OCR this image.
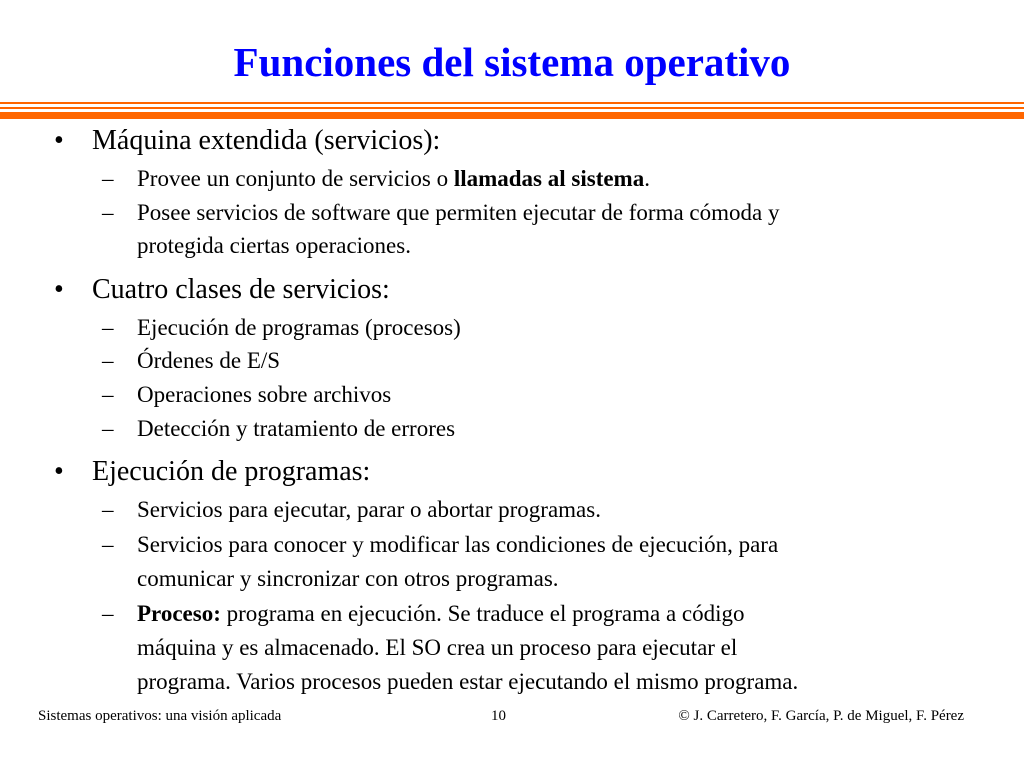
Funciones del sistema operativo
• Máquina extendida (servicios):
– Provee un conjunto de servicios o llamadas al sistema.
– Posee servicios de software que permiten ejecutar de forma cómoda y
protegida ciertas operaciones.
• Cuatro clases de servicios:
– Ejecución de programas (procesos)
– Órdenes de E/S
– Operaciones sobre archivos
– Detección y tratamiento de errores
• Ejecución de programas:
– Servicios para ejecutar, parar o abortar programas.
– Servicios para conocer y modificar las condiciones de ejecución, para
comunicar y sincronizar con otros programas.
– Proceso: programa en ejecución. Se traduce el programa a código
máquina y es almacenado. El SO crea un proceso para ejecutar el
programa. Varios procesos pueden estar ejecutando el mismo programa.
Sistemas operativos: una visión aplicada	10	© J. Carretero, F. García, P. de Miguel, F. Pérez
